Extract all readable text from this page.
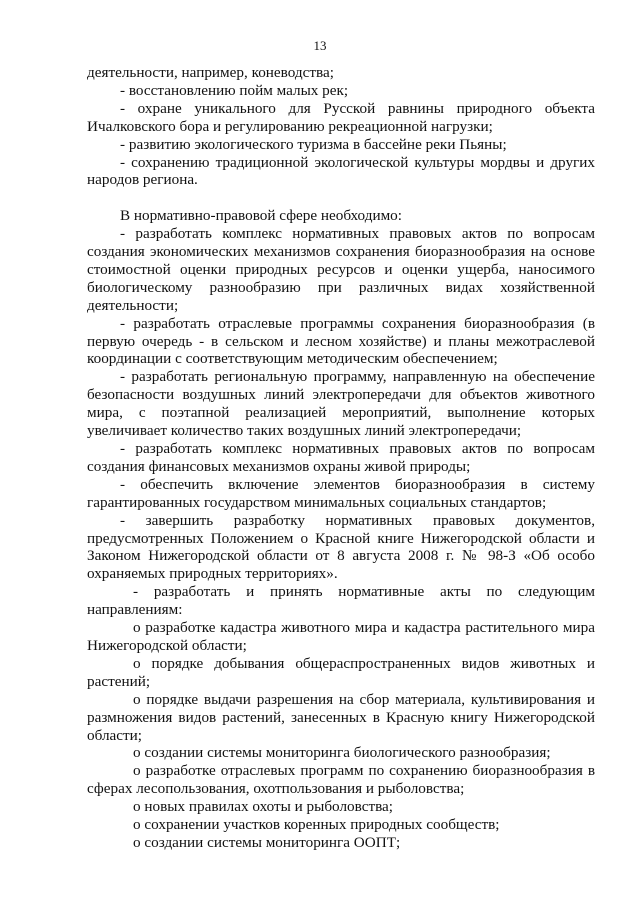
13

деятельности, например, коневодства;

- восстановлению пойм малых рек;

- охране уникального для Русской равнины природного объекта Ичалковского бора и регулированию рекреационной нагрузки;

- развитию экологического туризма в бассейне реки Пьяны;

- сохранению традиционной экологической культуры мордвы и других народов региона.

В нормативно-правовой сфере необходимо:

- разработать комплекс нормативных правовых актов по вопросам создания экономических механизмов сохранения биоразнообразия на основе стоимостной оценки природных ресурсов и оценки ущерба, наносимого биологическому разнообразию при различных видах хозяйственной деятельности;

- разработать отраслевые программы сохранения биоразнообразия (в первую очередь - в сельском и лесном хозяйстве) и планы межотраслевой координации с соответствующим методическим обеспечением;

- разработать региональную программу, направленную на обеспечение безопасности воздушных линий электропередачи для объектов животного мира, с поэтапной реализацией мероприятий, выполнение которых увеличивает количество таких воздушных линий электропередачи;

- разработать комплекс нормативных правовых актов по вопросам создания финансовых механизмов охраны живой природы;

- обеспечить включение элементов биоразнообразия в систему гарантированных государством минимальных социальных стандартов;

- завершить разработку нормативных правовых документов, предусмотренных Положением о Красной книге Нижегородской области и Законом Нижегородской области от 8 августа 2008 г. № 98-З «Об особо охраняемых природных территориях».

- разработать и принять нормативные акты по следующим направлениям:

о разработке кадастра животного мира и кадастра растительного мира Нижегородской области;

о порядке добывания общераспространенных видов животных и растений;

о порядке выдачи разрешения на сбор материала, культивирования и размножения видов растений, занесенных в Красную книгу Нижегородской области;

о создании системы мониторинга биологического разнообразия;

о разработке отраслевых программ по сохранению биоразнообразия в сферах лесопользования, охотпользования и рыболовства;

о новых правилах охоты и рыболовства;

о сохранении участков коренных природных сообществ;

о создании системы мониторинга ООПТ;
